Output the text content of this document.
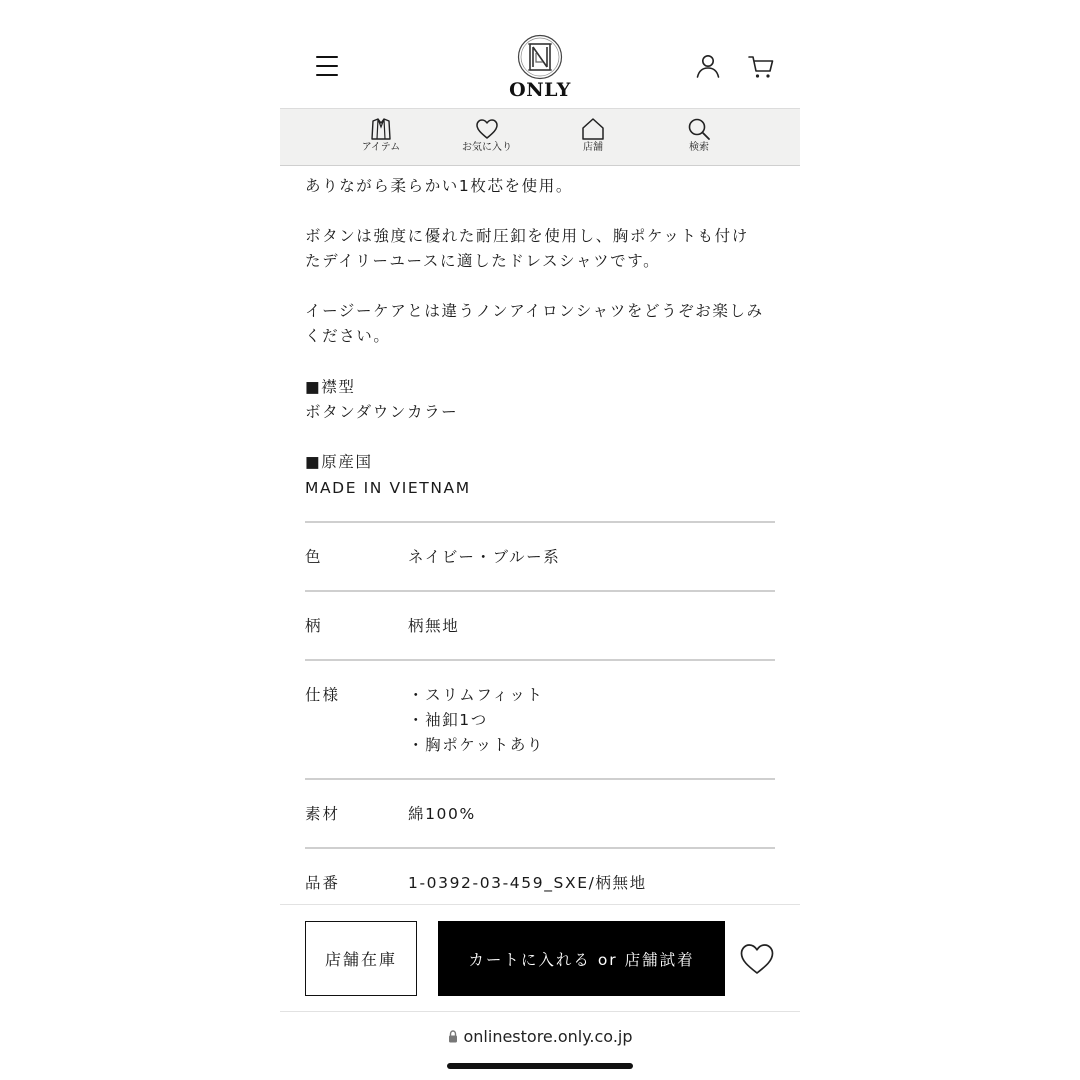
ありながら柔らかい1枚芯を使用。
ボタンは強度に優れた耐圧釦を使用し、胸ポケットも付け
たデイリーユースに適したドレスシャツです。
イージーケアとは違うノンアイロンシャツをどうぞお楽しみ
ください。
■襟型
ボタンダウンカラー
■原産国
MADE IN VIETNAM
色	ネイビー・ブルー系
柄	柄無地
仕様	・スリムフィット
・袖釦1つ
・胸ポケットあり
素材	綿100%
品番	1-0392-03-459_SXE/柄無地
ONLY
アイテム	お気に入り	店舗	検索
店舗在庫	カートに入れる or 店舗試着
onlinestore.only.co.jp
